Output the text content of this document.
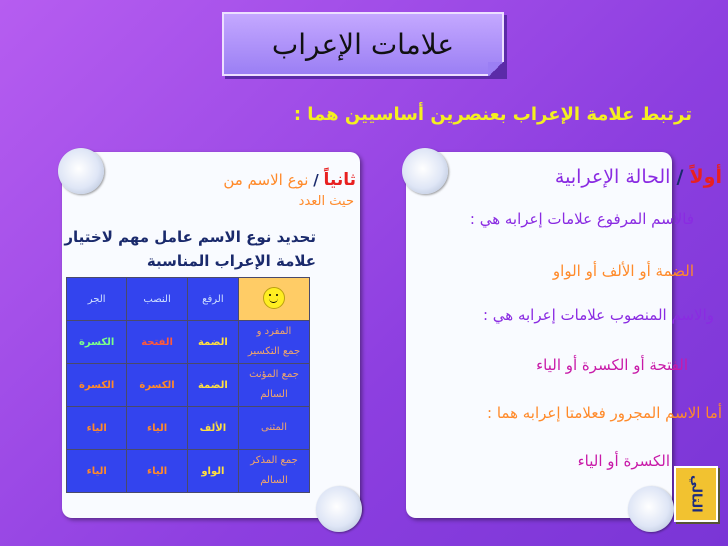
علامات الإعراب
ترتبط علامة الإعراب بعنصرين أساسيين هما :
أولاً / الحالة الإعرابية
فالاسم المرفوع علامات إعرابه هي :
الضمة أو الألف أو الواو
والاسم المنصوب علامات إعرابه هي :
الفتحة أو الكسرة أو الياء
أما الاسم المجرور فعلامتا إعرابه هما :
الكسرة أو الياء
ثانياً / نوع الاسم من
حيث العدد
تحديد نوع الاسم عامل مهم لاختيار
علامة الإعراب المناسبة
	الرفع	النصب	الجر

المفرد و
جمع التكسير	الضمة	الفتحة	الكسرة

جمع المؤنث
السالم	الضمة	الكسرة	الكسرة

المثنى	الألف	الياء	الياء

جمع المذكر
السالم	الواو	الياء	الياء
التالي
